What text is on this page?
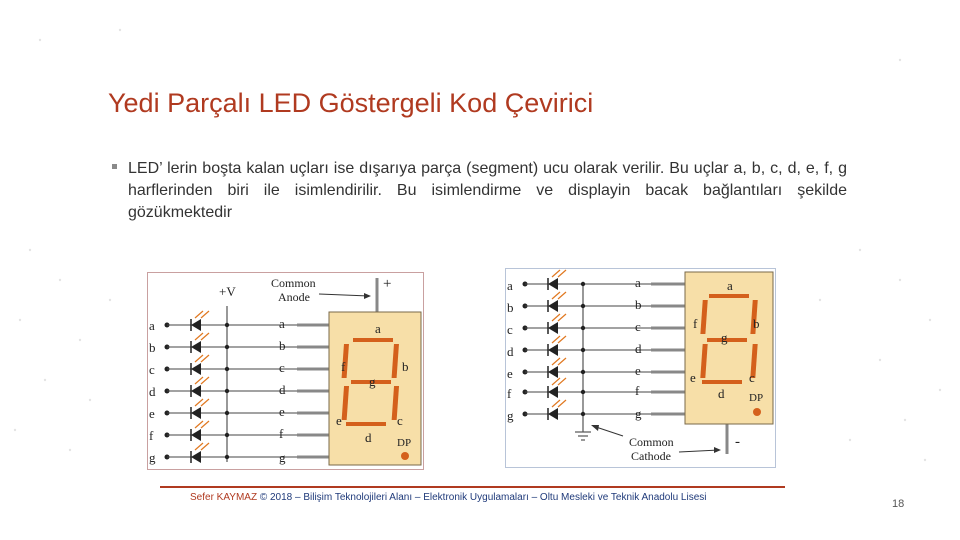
Yedi Parçalı LED Göstergeli Kod Çevirici
LED’ lerin boşta kalan uçları ise dışarıya parça (segment) ucu olarak verilir. Bu uçlar a, b, c, d, e, f, g harflerinden biri ile isimlendirilir. Bu isimlendirme ve displayin bacak bağlantıları şekilde gözükmektedir
+V
Common
Anode
+
a
b
c
d
e
f
g
a
b
c
d
e
f
g
a
b
c
d
e
f
g
DP
a
b
c
d
e
f
g
a
b
c
d
e
f
g
a
b
c
d
e
f
g
DP
Common
Cathode
-
Sefer KAYMAZ © 2018 – Bilişim Teknolojileri Alanı – Elektronik Uygulamaları – Oltu Mesleki ve Teknik Anadolu Lisesi
18
